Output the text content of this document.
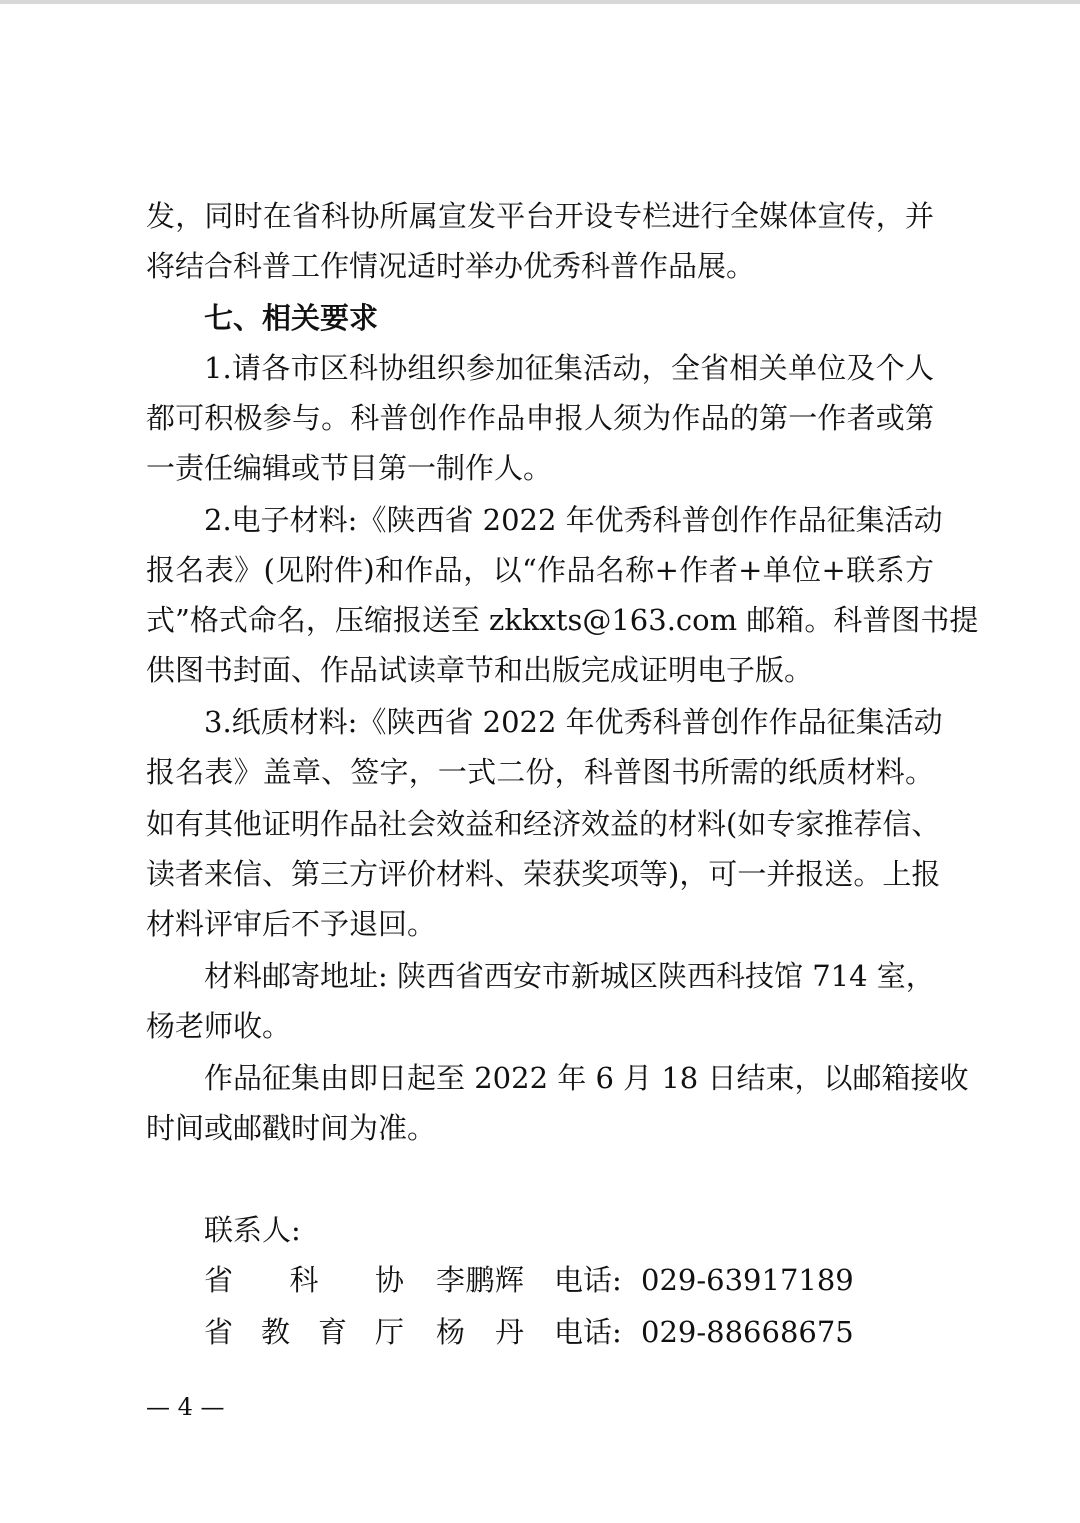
发，同时在省科协所属宣发平台开设专栏进行全媒体宣传，并
将结合科普工作情况适时举办优秀科普作品展。
七、相关要求
1.请各市区科协组织参加征集活动，全省相关单位及个人
都可积极参与。科普创作作品申报人须为作品的第一作者或第
一责任编辑或节目第一制作人。
2.电子材料:《陕西省 2022 年优秀科普创作作品征集活动
报名表》(见附件)和作品，以“作品名称+作者+单位+联系方
式”格式命名，压缩报送至 zkkxts@163.com 邮箱。科普图书提
供图书封面、作品试读章节和出版完成证明电子版。
3.纸质材料:《陕西省 2022 年优秀科普创作作品征集活动
报名表》盖章、签字，一式二份，科普图书所需的纸质材料。
如有其他证明作品社会效益和经济效益的材料(如专家推荐信、
读者来信、第三方评价材料、荣获奖项等)，可一并报送。上报
材料评审后不予退回。
材料邮寄地址: 陕西省西安市新城区陕西科技馆 714 室，
杨老师收。
作品征集由即日起至 2022 年 6 月 18 日结束，以邮箱接收
时间或邮戳时间为准。
联系人:
省 科 协 李 鹏 辉 电话: 029-63917189
省 教 育 厅 杨 丹 电话: 029-88668675
— 4 —
